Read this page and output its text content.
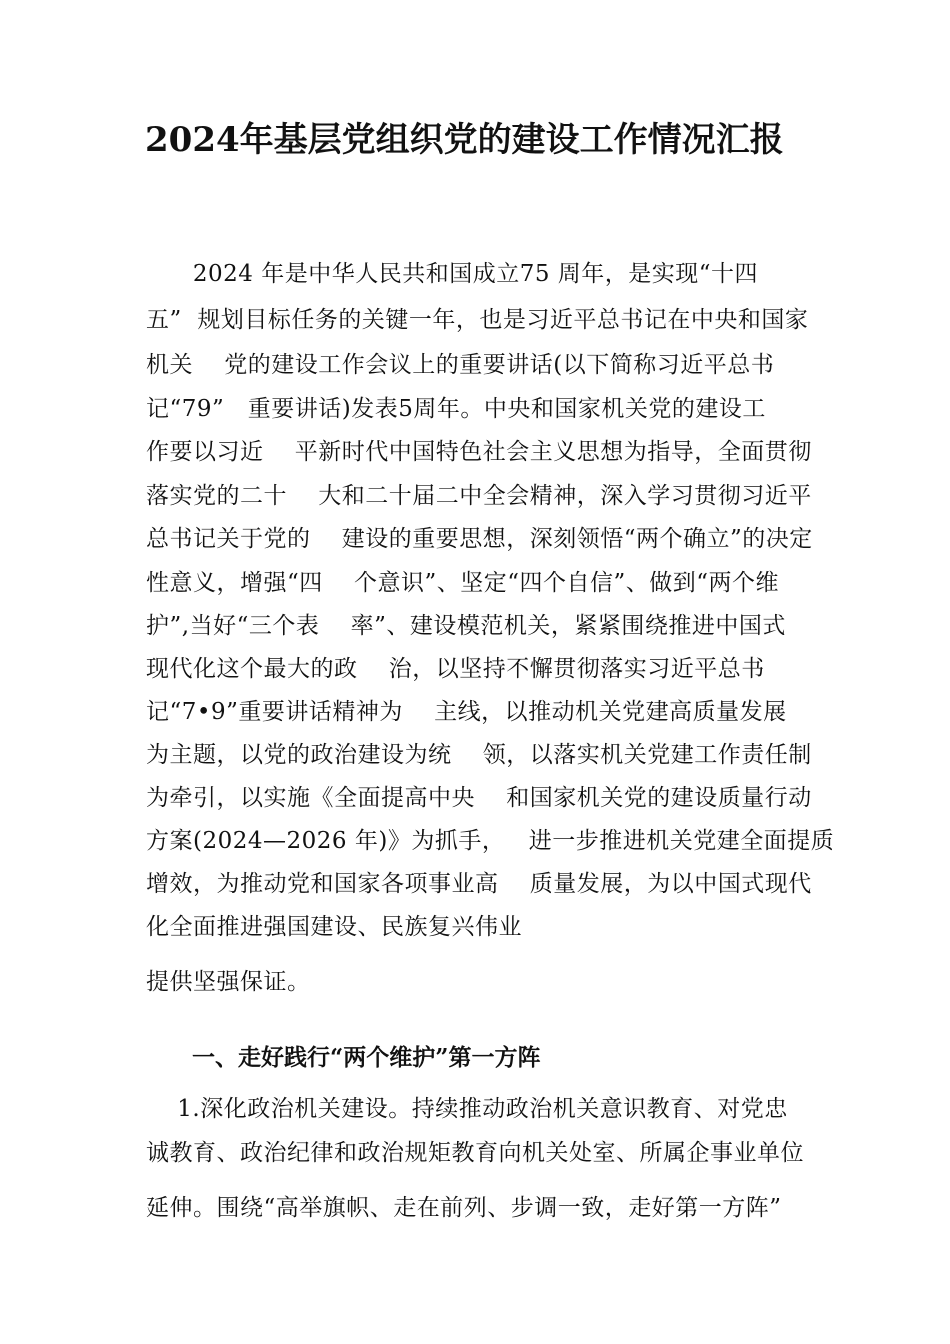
2024年基层党组织党的建设工作情况汇报
2024 年是中华人民共和国成立75 周年，是实现“十四
五”  规划目标任务的关键一年，也是习近平总书记在中央和国家
机关    党的建设工作会议上的重要讲话(以下简称习近平总书
记“79”   重要讲话)发表5周年。中央和国家机关党的建设工
作要以习近    平新时代中国特色社会主义思想为指导，全面贯彻
落实党的二十    大和二十届二中全会精神，深入学习贯彻习近平
总书记关于党的    建设的重要思想，深刻领悟“两个确立”的决定
性意义，增强“四    个意识”、坚定“四个自信”、做到“两个维
护”,当好“三个表    率”、建设模范机关，紧紧围绕推进中国式
现代化这个最大的政    治，以坚持不懈贯彻落实习近平总书
记“7•9”重要讲话精神为    主线，以推动机关党建高质量发展
为主题，以党的政治建设为统    领，以落实机关党建工作责任制
为牵引，以实施《全面提高中央    和国家机关党的建设质量行动
方案(2024—2026 年)》为抓手，   进一步推进机关党建全面提质
增效，为推动党和国家各项事业高    质量发展，为以中国式现代
化全面推进强国建设、民族复兴伟业
提供坚强保证。
一、走好践行“两个维护”第一方阵
1.深化政治机关建设。持续推动政治机关意识教育、对党忠
诚教育、政治纪律和政治规矩教育向机关处室、所属企事业单位
延伸。围绕“高举旗帜、走在前列、步调一致，走好第一方阵”
